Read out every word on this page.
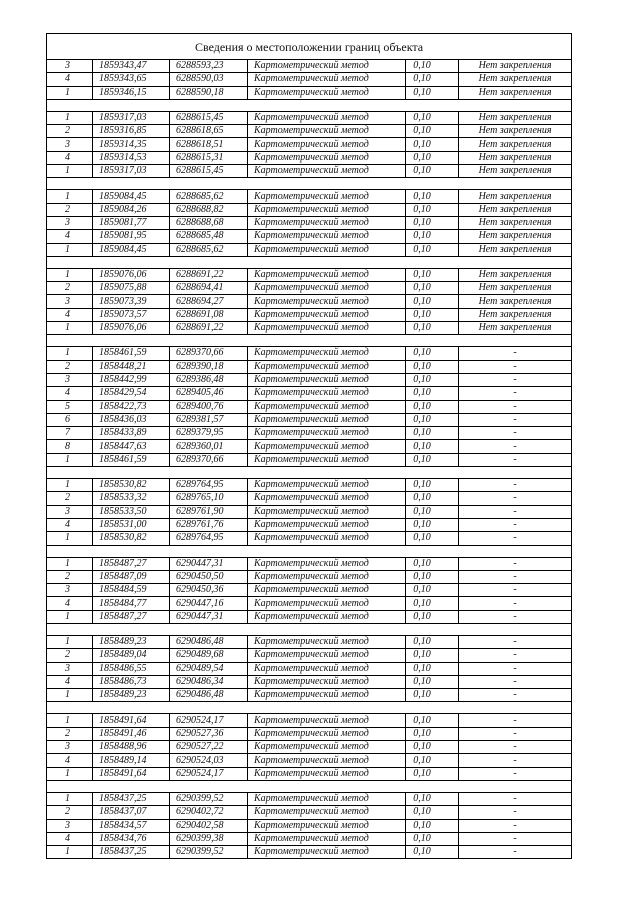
Сведения о местоположении границ объекта					
3	1859343,47	6288593,23	Картометрический метод	0,10	Нет закрепления
4	1859343,65	6288590,03	Картометрический метод	0,10	Нет закрепления
1	1859346,15	6288590,18	Картометрический метод	0,10	Нет закрепления

1	1859317,03	6288615,45	Картометрический метод	0,10	Нет закрепления
2	1859316,85	6288618,65	Картометрический метод	0,10	Нет закрепления
3	1859314,35	6288618,51	Картометрический метод	0,10	Нет закрепления
4	1859314,53	6288615,31	Картометрический метод	0,10	Нет закрепления
1	1859317,03	6288615,45	Картометрический метод	0,10	Нет закрепления

1	1859084,45	6288685,62	Картометрический метод	0,10	Нет закрепления
2	1859084,26	6288688,82	Картометрический метод	0,10	Нет закрепления
3	1859081,77	6288688,68	Картометрический метод	0,10	Нет закрепления
4	1859081,95	6288685,48	Картометрический метод	0,10	Нет закрепления
1	1859084,45	6288685,62	Картометрический метод	0,10	Нет закрепления

1	1859076,06	6288691,22	Картометрический метод	0,10	Нет закрепления
2	1859075,88	6288694,41	Картометрический метод	0,10	Нет закрепления
3	1859073,39	6288694,27	Картометрический метод	0,10	Нет закрепления
4	1859073,57	6288691,08	Картометрический метод	0,10	Нет закрепления
1	1859076,06	6288691,22	Картометрический метод	0,10	Нет закрепления

1	1858461,59	6289370,66	Картометрический метод	0,10	-
2	1858448,21	6289390,18	Картометрический метод	0,10	-
3	1858442,99	6289386,48	Картометрический метод	0,10	-
4	1858429,54	6289405,46	Картометрический метод	0,10	-
5	1858422,73	6289400,76	Картометрический метод	0,10	-
6	1858436,03	6289381,57	Картометрический метод	0,10	-
7	1858433,89	6289379,95	Картометрический метод	0,10	-
8	1858447,63	6289360,01	Картометрический метод	0,10	-
1	1858461,59	6289370,66	Картометрический метод	0,10	-

1	1858530,82	6289764,95	Картометрический метод	0,10	-
2	1858533,32	6289765,10	Картометрический метод	0,10	-
3	1858533,50	6289761,90	Картометрический метод	0,10	-
4	1858531,00	6289761,76	Картометрический метод	0,10	-
1	1858530,82	6289764,95	Картометрический метод	0,10	-

1	1858487,27	6290447,31	Картометрический метод	0,10	-
2	1858487,09	6290450,50	Картометрический метод	0,10	-
3	1858484,59	6290450,36	Картометрический метод	0,10	-
4	1858484,77	6290447,16	Картометрический метод	0,10	-
1	1858487,27	6290447,31	Картометрический метод	0,10	-

1	1858489,23	6290486,48	Картометрический метод	0,10	-
2	1858489,04	6290489,68	Картометрический метод	0,10	-
3	1858486,55	6290489,54	Картометрический метод	0,10	-
4	1858486,73	6290486,34	Картометрический метод	0,10	-
1	1858489,23	6290486,48	Картометрический метод	0,10	-

1	1858491,64	6290524,17	Картометрический метод	0,10	-
2	1858491,46	6290527,36	Картометрический метод	0,10	-
3	1858488,96	6290527,22	Картометрический метод	0,10	-
4	1858489,14	6290524,03	Картометрический метод	0,10	-
1	1858491,64	6290524,17	Картометрический метод	0,10	-

1	1858437,25	6290399,52	Картометрический метод	0,10	-
2	1858437,07	6290402,72	Картометрический метод	0,10	-
3	1858434,57	6290402,58	Картометрический метод	0,10	-
4	1858434,76	6290399,38	Картометрический метод	0,10	-
1	1858437,25	6290399,52	Картометрический метод	0,10	-
